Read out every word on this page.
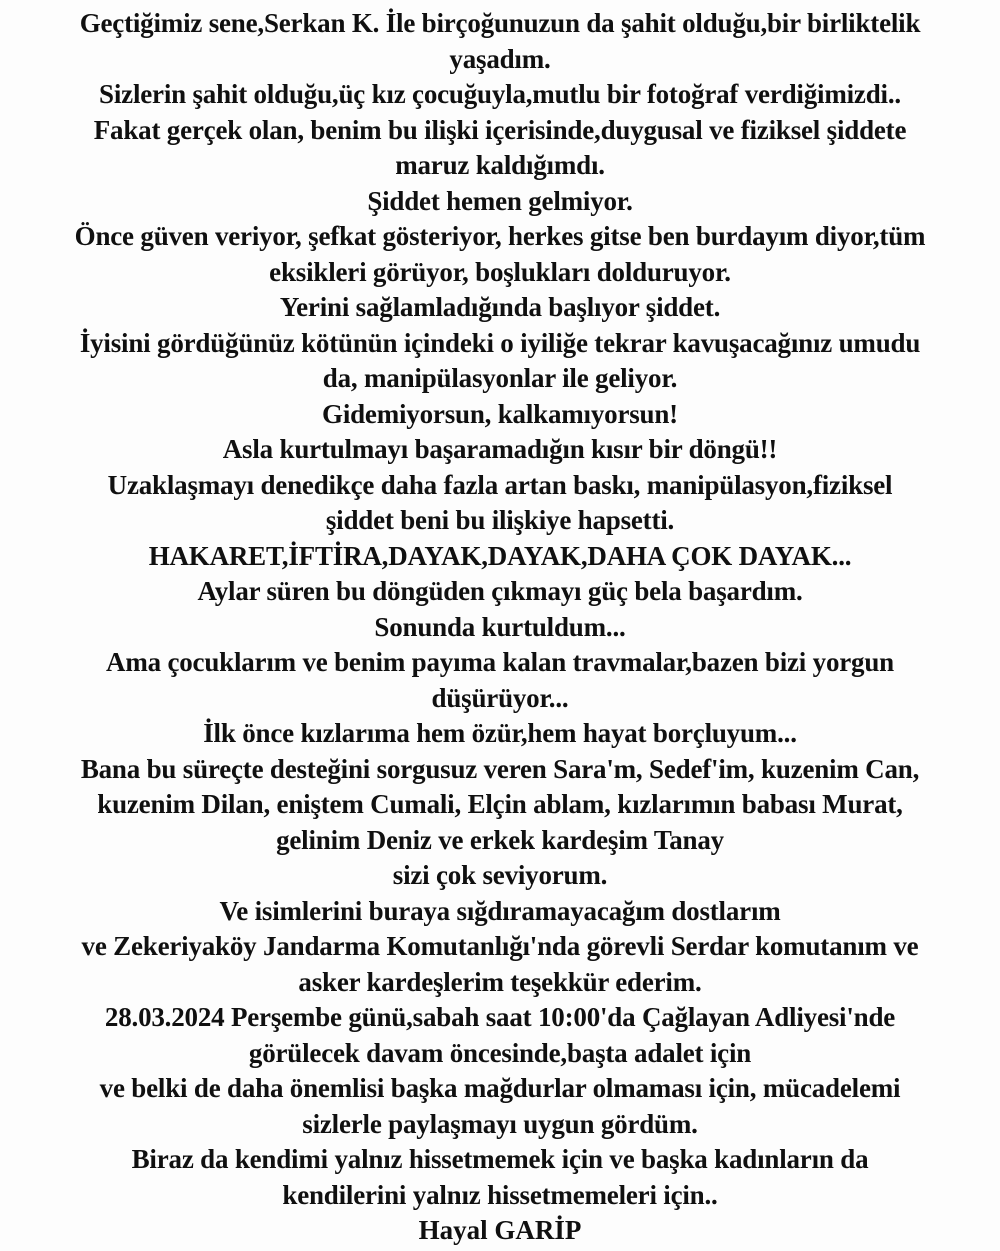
Geçtiğimiz sene,Serkan K. İle birçoğunuzun da şahit olduğu,bir birliktelik
yaşadım.
Sizlerin şahit olduğu,üç kız çocuğuyla,mutlu bir fotoğraf verdiğimizdi..
Fakat gerçek olan, benim bu ilişki içerisinde,duygusal ve fiziksel şiddete
maruz kaldığımdı.
Şiddet hemen gelmiyor.
Önce güven veriyor, şefkat gösteriyor, herkes gitse ben burdayım diyor,tüm
eksikleri görüyor, boşlukları dolduruyor.
Yerini sağlamladığında başlıyor şiddet.
İyisini gördüğünüz kötünün içindeki o iyiliğe tekrar kavuşacağınız umudu
da, manipülasyonlar ile geliyor.
Gidemiyorsun, kalkamıyorsun!
Asla kurtulmayı başaramadığın kısır bir döngü!!
Uzaklaşmayı denedikçe daha fazla artan baskı, manipülasyon,fiziksel
şiddet beni bu ilişkiye hapsetti.
HAKARET,İFTİRA,DAYAK,DAYAK,DAHA ÇOK DAYAK...
Aylar süren bu döngüden çıkmayı güç bela başardım.
Sonunda kurtuldum...
Ama çocuklarım ve benim payıma kalan travmalar,bazen bizi yorgun
düşürüyor...
İlk önce kızlarıma hem özür,hem hayat borçluyum...
Bana bu süreçte desteğini sorgusuz veren Sara'm, Sedef'im, kuzenim Can,
kuzenim Dilan, eniştem Cumali, Elçin ablam, kızlarımın babası Murat,
gelinim Deniz ve erkek kardeşim Tanay
sizi çok seviyorum.
Ve isimlerini buraya sığdıramayacağım dostlarım
ve Zekeriyaköy Jandarma Komutanlığı'nda görevli Serdar komutanım ve
asker kardeşlerim teşekkür ederim.
28.03.2024 Perşembe günü,sabah saat 10:00'da Çağlayan Adliyesi'nde
görülecek davam öncesinde,başta adalet için
ve belki de daha önemlisi başka mağdurlar olmaması için, mücadelemi
sizlerle paylaşmayı uygun gördüm.
Biraz da kendimi yalnız hissetmemek için ve başka kadınların da
kendilerini yalnız hissetmemeleri için..
Hayal GARİP
